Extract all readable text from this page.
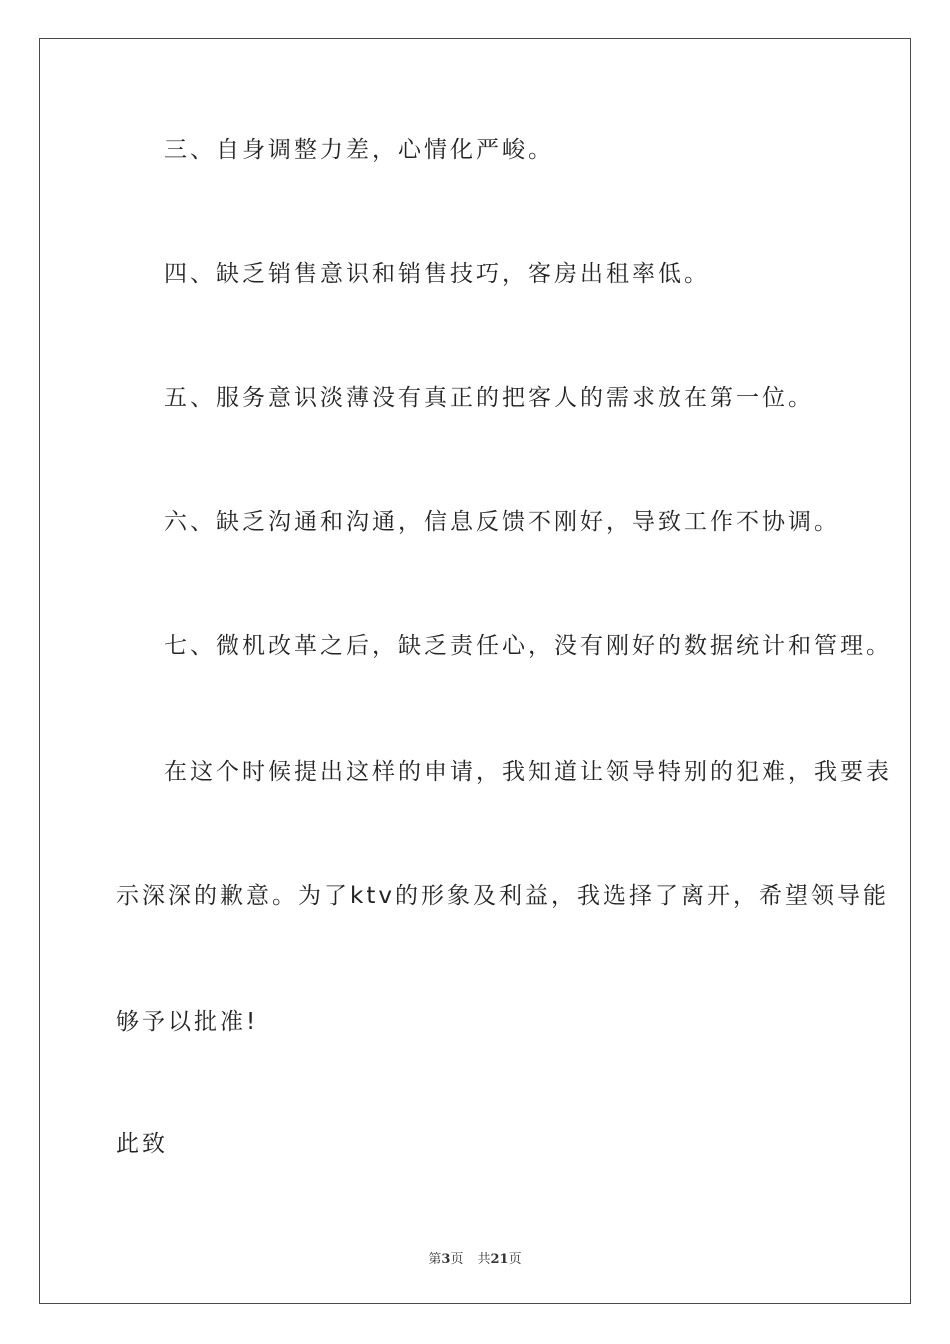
三、自身调整力差，心情化严峻。
四、缺乏销售意识和销售技巧，客房出租率低。
五、服务意识淡薄没有真正的把客人的需求放在第一位。
六、缺乏沟通和沟通，信息反馈不刚好，导致工作不协调。
七、微机改革之后，缺乏责任心，没有刚好的数据统计和管理。
在这个时候提出这样的申请，我知道让领导特别的犯难，我要表
示深深的歉意。为了ktv的形象及利益，我选择了离开，希望领导能
够予以批准!
此致
第3页 共21页
